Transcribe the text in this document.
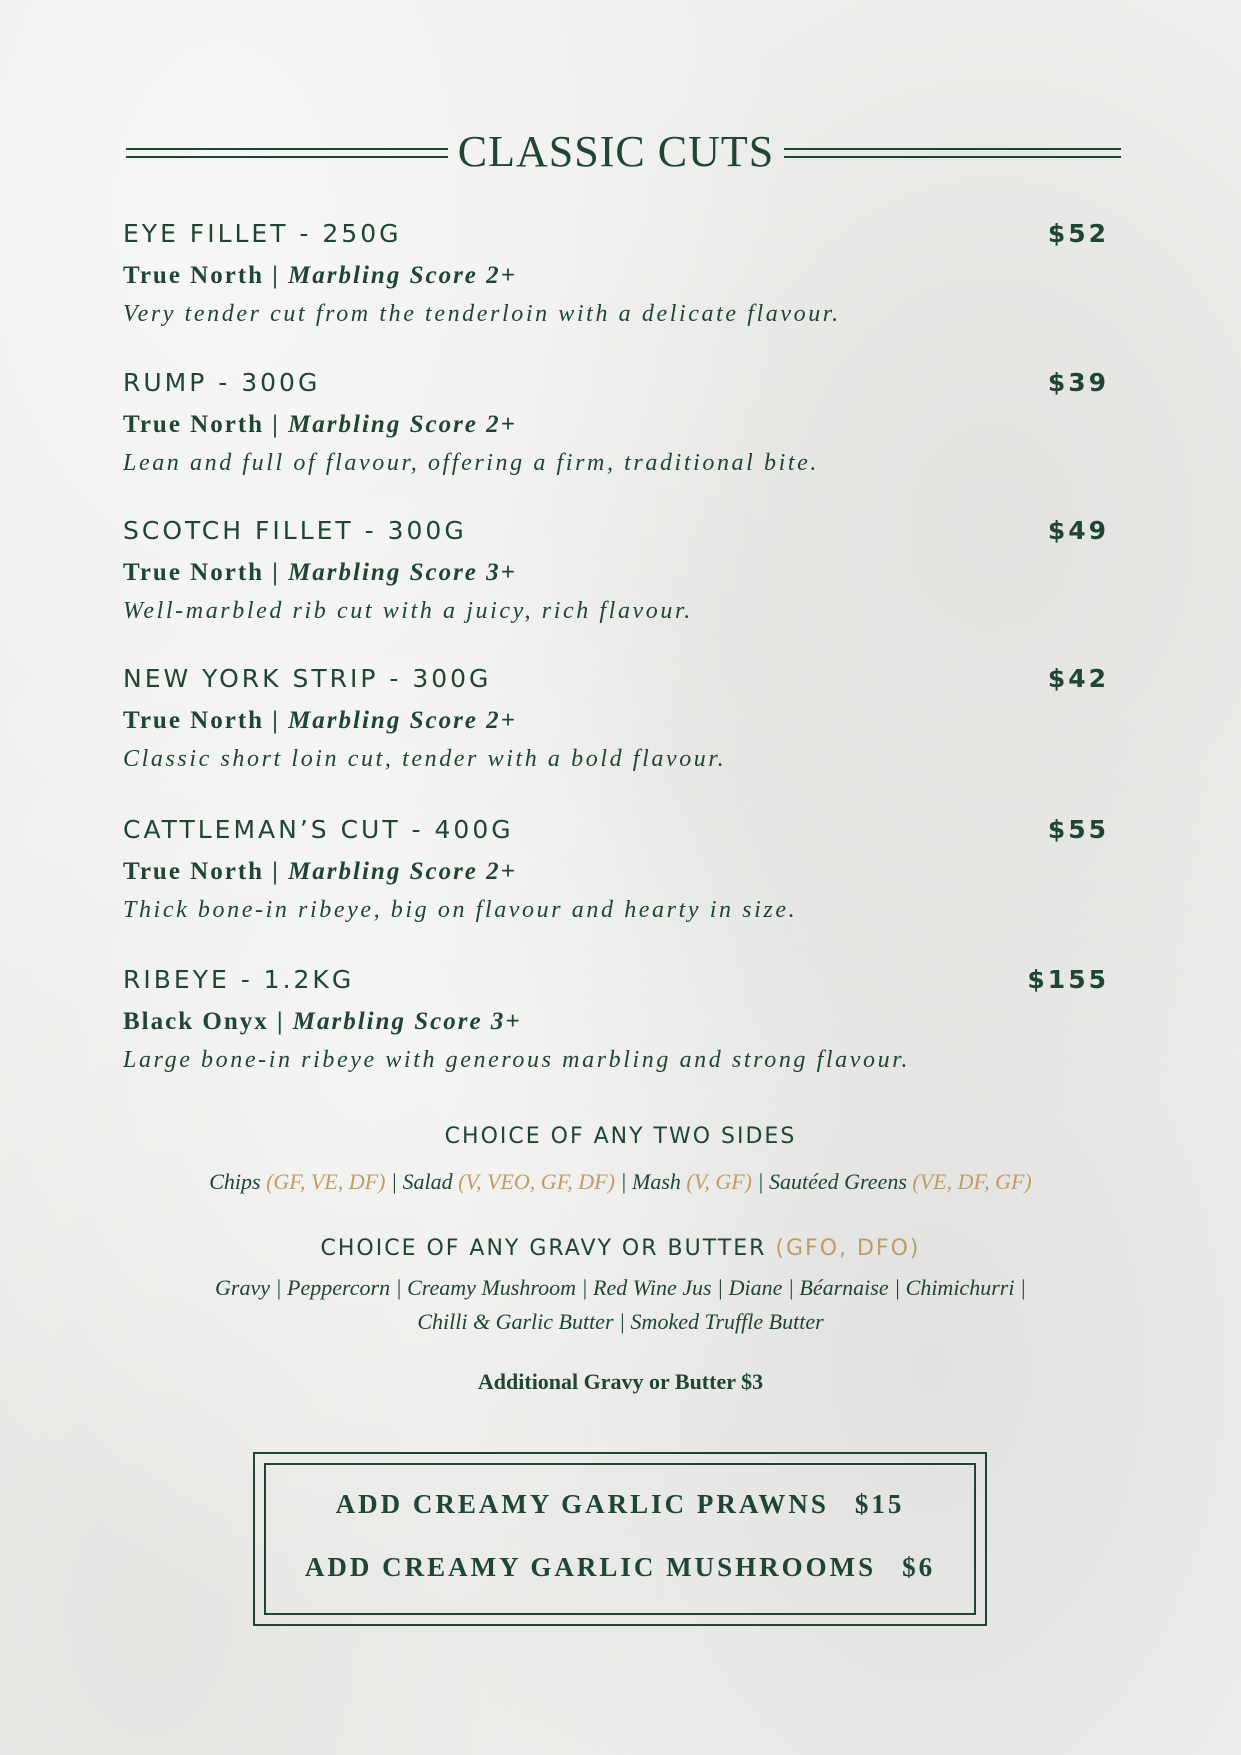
CLASSIC CUTS
EYE FILLET - 250G	$52
True North | Marbling Score 2+
Very tender cut from the tenderloin with a delicate flavour.
RUMP - 300G	$39
True North | Marbling Score 2+
Lean and full of flavour, offering a firm, traditional bite.
SCOTCH FILLET - 300G	$49
True North | Marbling Score 3+
Well-marbled rib cut with a juicy, rich flavour.
NEW YORK STRIP - 300G	$42
True North | Marbling Score 2+
Classic short loin cut, tender with a bold flavour.
CATTLEMAN’S CUT - 400G	$55
True North | Marbling Score 2+
Thick bone-in ribeye, big on flavour and hearty in size.
RIBEYE - 1.2KG	$155
Black Onyx | Marbling Score 3+
Large bone-in ribeye with generous marbling and strong flavour.
CHOICE OF ANY TWO SIDES
Chips (GF, VE, DF) | Salad (V, VEO, GF, DF) | Mash (V, GF) | Sautéed Greens (VE, DF, GF)
CHOICE OF ANY GRAVY OR BUTTER (GFO, DFO)
Gravy | Peppercorn | Creamy Mushroom | Red Wine Jus | Diane | Béarnaise | Chimichurri |
Chilli & Garlic Butter | Smoked Truffle Butter
Additional Gravy or Butter $3
ADD CREAMY GARLIC PRAWNS $15
ADD CREAMY GARLIC MUSHROOMS $6
